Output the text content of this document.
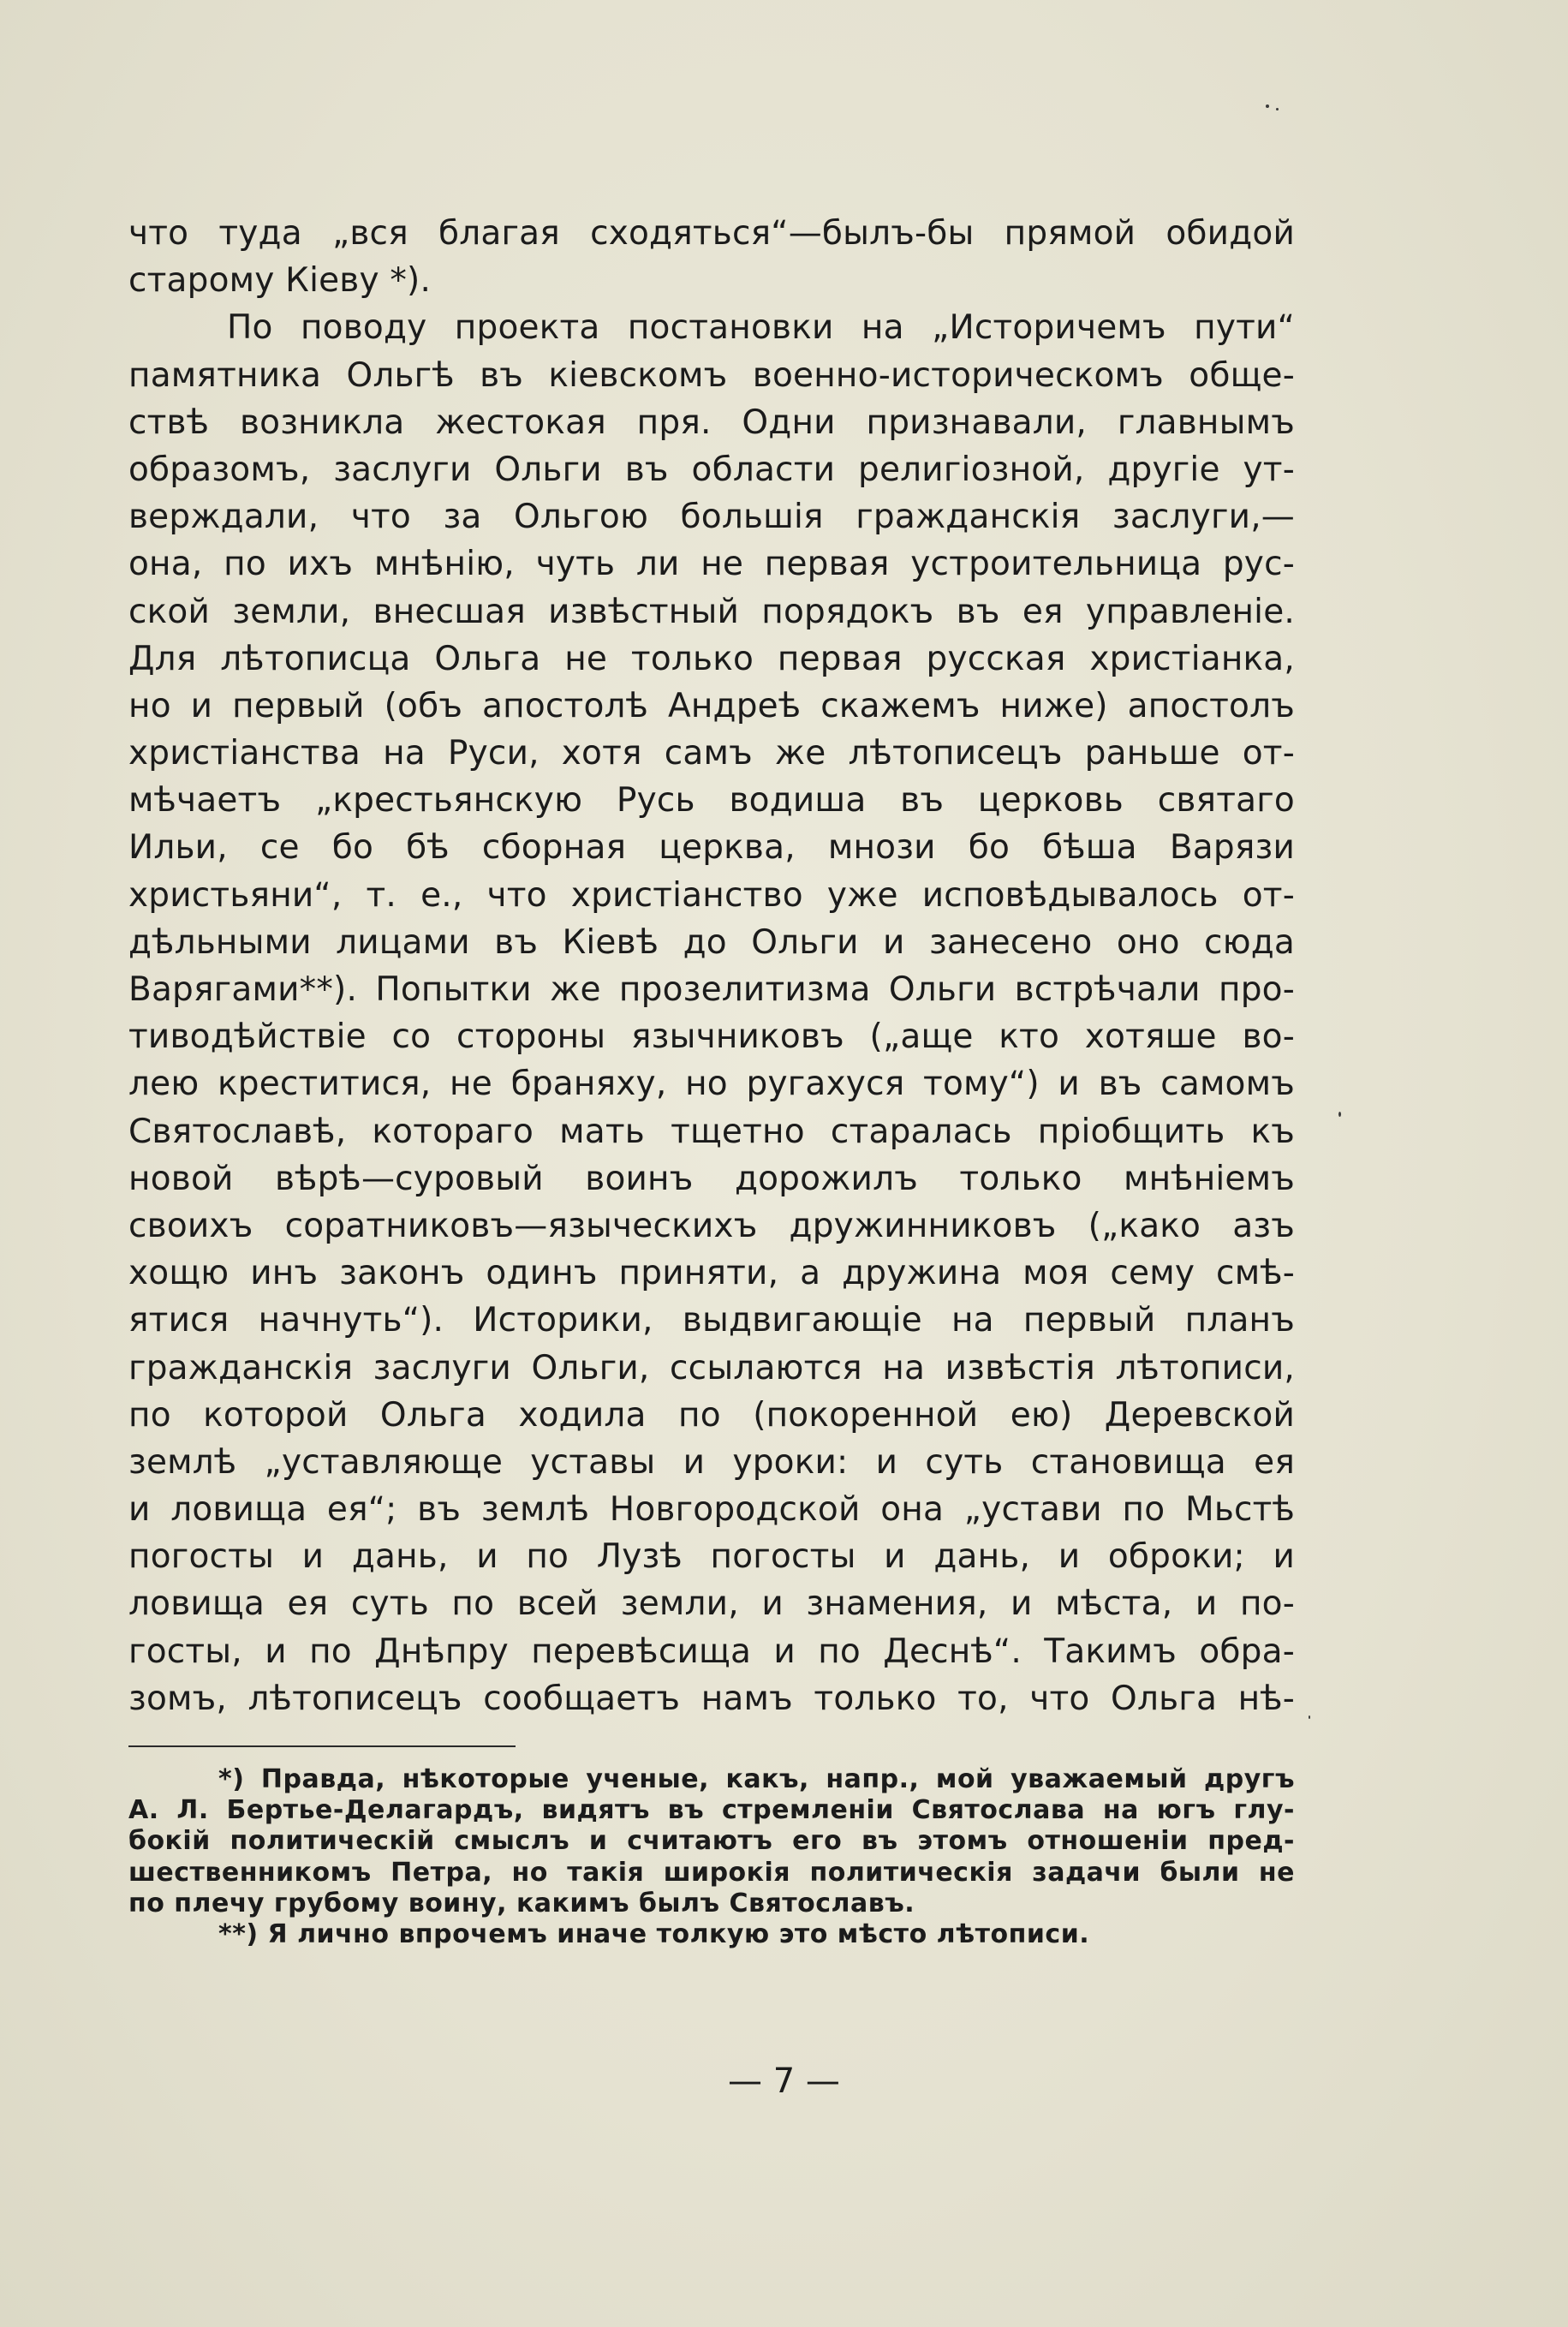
что туда „вся благая сходяться“—былъ-бы прямой обидой
старому Кіеву *).
По поводу проекта постановки на „Историчемъ пути“
памятника Ольгѣ въ кіевскомъ военно-историческомъ обще-
ствѣ возникла жестокая пря. Одни признавали, главнымъ
образомъ, заслуги Ольги въ области религіозной, другіе ут-
верждали, что за Ольгою большія гражданскія заслуги,—
она, по ихъ мнѣнію, чуть ли не первая устроительница рус-
ской земли, внесшая извѣстный порядокъ въ ея управленіе.
Для лѣтописца Ольга не только первая русская христіанка,
но и первый (объ апостолѣ Андреѣ скажемъ ниже) апостолъ
христіанства на Руси, хотя самъ же лѣтописецъ раньше от-
мѣчаетъ „крестьянскую Русь водиша въ церковь святаго
Ильи, се бо бѣ сборная церква, мнози бо бѣша Варязи
христьяни“, т. е., что христіанство уже исповѣдывалось от-
дѣльными лицами въ Кіевѣ до Ольги и занесено оно сюда
Варягами**). Попытки же прозелитизма Ольги встрѣчали про-
тиводѣйствіе со стороны язычниковъ („аще кто хотяше во-
лею креститися, не браняху, но ругахуся тому“) и въ самомъ
Святославѣ, котораго мать тщетно старалась пріобщить къ
новой вѣрѣ—суровый воинъ дорожилъ только мнѣніемъ
своихъ соратниковъ—языческихъ дружинниковъ („како азъ
хощю инъ законъ одинъ приняти, а дружина моя сему смѣ-
ятися начнуть“). Историки, выдвигающіе на первый планъ
гражданскія заслуги Ольги, ссылаются на извѣстія лѣтописи,
по которой Ольга ходила по (покоренной ею) Деревской
землѣ „уставляюще уставы и уроки: и суть становища ея
и ловища ея“; въ землѣ Новгородской она „устави по Мьстѣ
погосты и дань, и по Лузѣ погосты и дань, и оброки; и
ловища ея суть по всей земли, и знамения, и мѣста, и по-
госты, и по Днѣпру перевѣсища и по Деснѣ“. Такимъ обра-
зомъ, лѣтописецъ сообщаетъ намъ только то, что Ольга нѣ-
*) Правда, нѣкоторые ученые, какъ, напр., мой уважаемый другъ
А. Л. Бертье-Делагардъ, видятъ въ стремленіи Святослава на югъ глу-
бокій политическій смыслъ и считаютъ его въ этомъ отношеніи пред-
шественникомъ Петра, но такія широкія политическія задачи были не
по плечу грубому воину, какимъ былъ Святославъ.
**) Я лично впрочемъ иначе толкую это мѣсто лѣтописи.
— 7 —
